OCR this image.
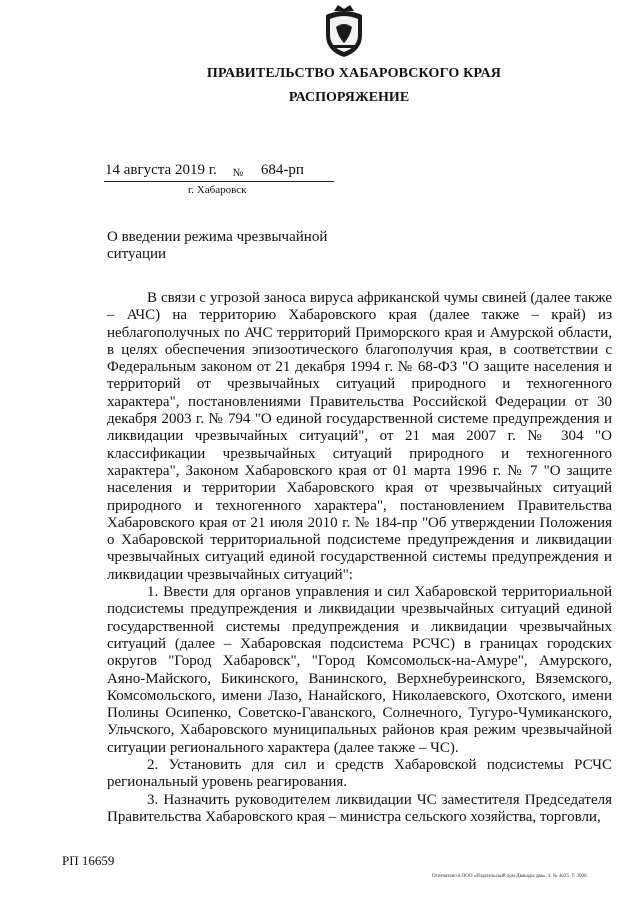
ПРАВИТЕЛЬСТВО ХАБАРОВСКОГО КРАЯ
РАСПОРЯЖЕНИЕ
14 августа 2019 г. № 684-рп
г. Хабаровск
О введении режима чрезвычайной ситуации

В связи с угрозой заноса вируса африканской чумы свиней (далее также – АЧС) на территорию Хабаровского края (далее также – край) из неблагополучных по АЧС территорий Приморского края и Амурской области, в целях обеспечения эпизоотического благополучия края, в соответствии с Федеральным законом от 21 декабря 1994 г. № 68-ФЗ "О защите населения и территорий от чрезвычайных ситуаций природного и техногенного характера", постановлениями Правительства Российской Федерации от 30 декабря 2003 г. № 794 "О единой государственной системе предупреждения и ликвидации чрезвычайных ситуаций", от 21 мая 2007 г. № 304 "О классификации чрезвычайных ситуаций природного и техногенного характера", Законом Хабаровского края от 01 марта 1996 г. № 7 "О защите населения и территории Хабаровского края от чрезвычайных ситуаций природного и техногенного характера", постановлением Правительства Хабаровского края от 21 июля 2010 г. № 184-пр "Об утверждении Положения о Хабаровской территориальной подсистеме предупреждения и ликвидации чрезвычайных ситуаций единой государственной системы предупреждения и ликвидации чрезвычайных ситуаций":

1. Ввести для органов управления и сил Хабаровской территориальной подсистемы предупреждения и ликвидации чрезвычайных ситуаций единой государственной системы предупреждения и ликвидации чрезвычайных ситуаций (далее – Хабаровская подсистема РСЧС) в границах городских округов "Город Хабаровск", "Город Комсомольск-на-Амуре", Амурского, Аяно-Майского, Бикинского, Ванинского, Верхнебуреинского, Вяземского, Комсомольского, имени Лазо, Нанайского, Николаевского, Охотского, имени Полины Осипенко, Советско-Гаванского, Солнечного, Тугуро-Чумиканского, Ульчского, Хабаровского муниципальных районов края режим чрезвычайной ситуации регионального характера (далее также – ЧС).

2. Установить для сил и средств Хабаровской подсистемы РСЧС региональный уровень реагирования.

3. Назначить руководителем ликвидации ЧС заместителя Председателя Правительства Хабаровского края – министра сельского хозяйства, торговли,

РП 16659
Отпечатано в ООО «Издательский дом Двакады два». З. № 4625. Т. 3000.
